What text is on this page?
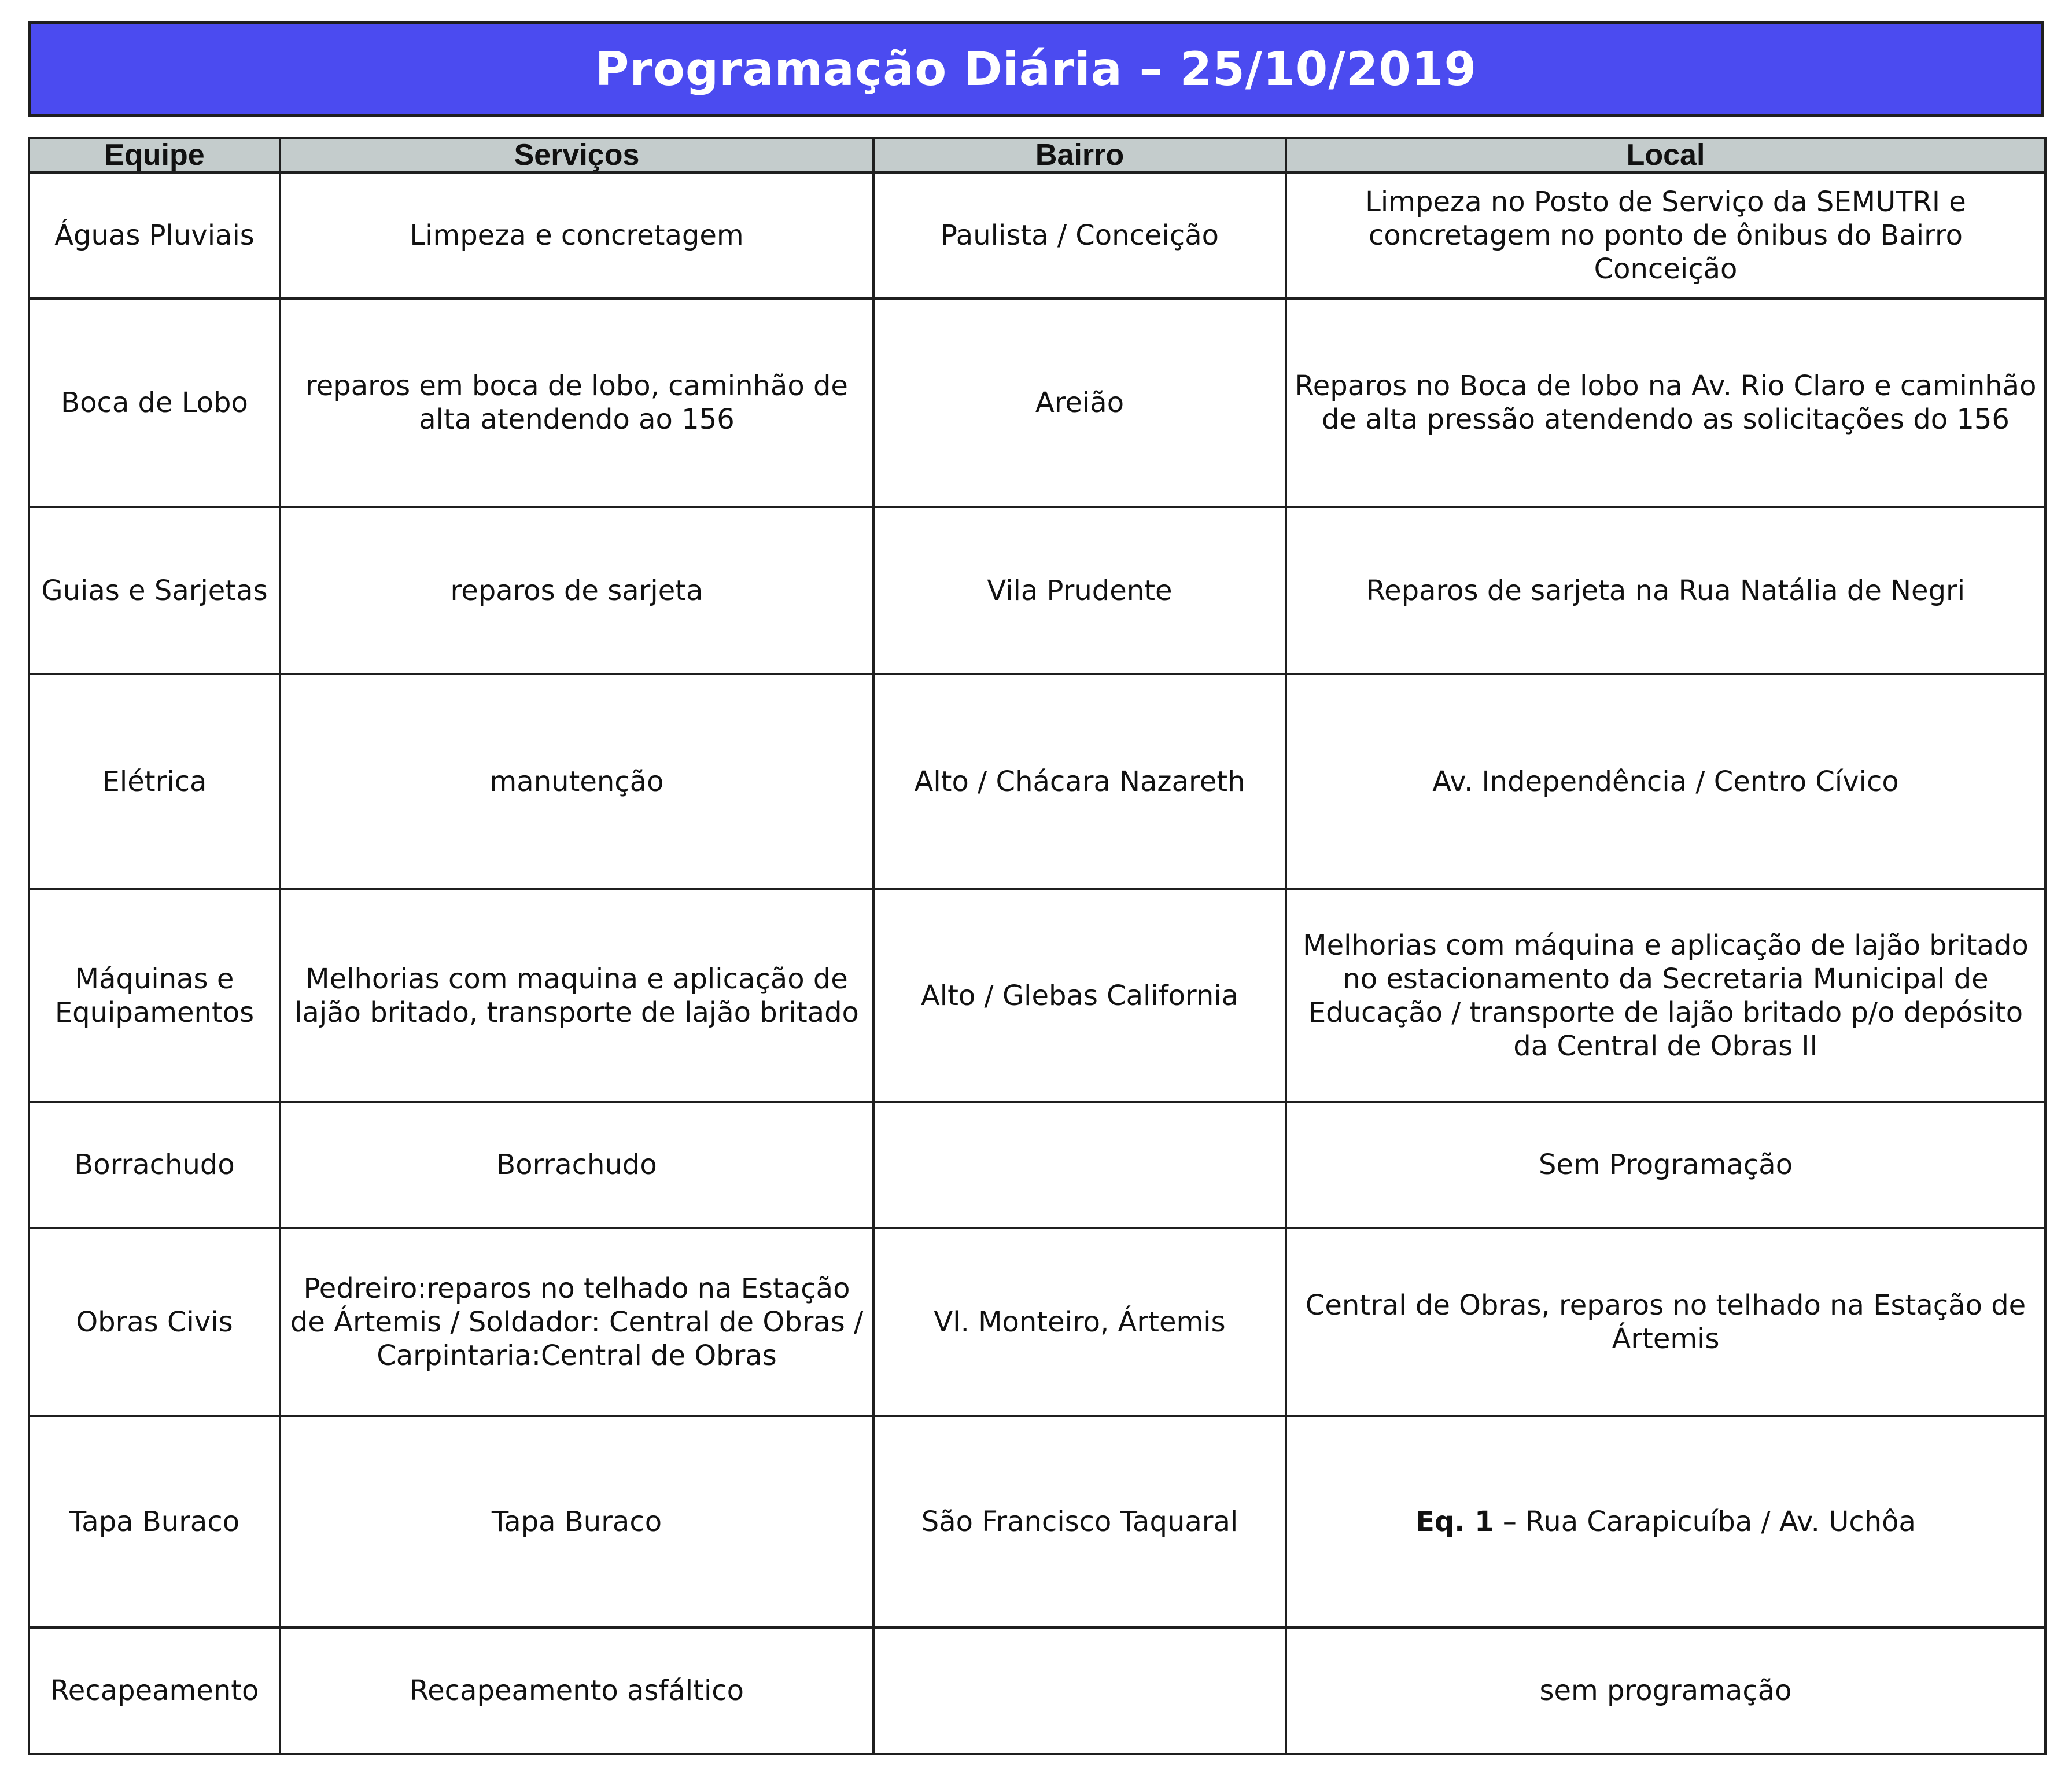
Programação Diária – 25/10/2019
Equipe	Serviços	Bairro	Local
Águas Pluviais	Limpeza e concretagem	Paulista / Conceição	Limpeza no Posto de Serviço da SEMUTRI e concretagem no ponto de ônibus do Bairro Conceição
Boca de Lobo	reparos em boca de lobo, caminhão de alta atendendo ao 156	Areião	Reparos no Boca de lobo na Av. Rio Claro e caminhão de alta pressão atendendo as solicitações do 156
Guias e Sarjetas	reparos de sarjeta	Vila Prudente	Reparos de sarjeta na Rua Natália de Negri
Elétrica	manutenção	Alto / Chácara Nazareth	Av. Independência / Centro Cívico
Máquinas e Equipamentos	Melhorias com maquina e aplicação de lajão britado, transporte de lajão britado	Alto / Glebas California	Melhorias com máquina e aplicação de lajão britado no estacionamento da Secretaria Municipal de Educação / transporte de lajão britado p/o depósito da Central de Obras II
Borrachudo	Borrachudo		Sem Programação
Obras Civis	Pedreiro:reparos no telhado na Estação de Ártemis / Soldador: Central de Obras / Carpintaria:Central de Obras	Vl. Monteiro, Ártemis	Central de Obras, reparos no telhado na Estação de Ártemis
Tapa Buraco	Tapa Buraco	São Francisco Taquaral	Eq. 1 – Rua Carapicuíba / Av. Uchôa
Recapeamento	Recapeamento asfáltico		sem programação
